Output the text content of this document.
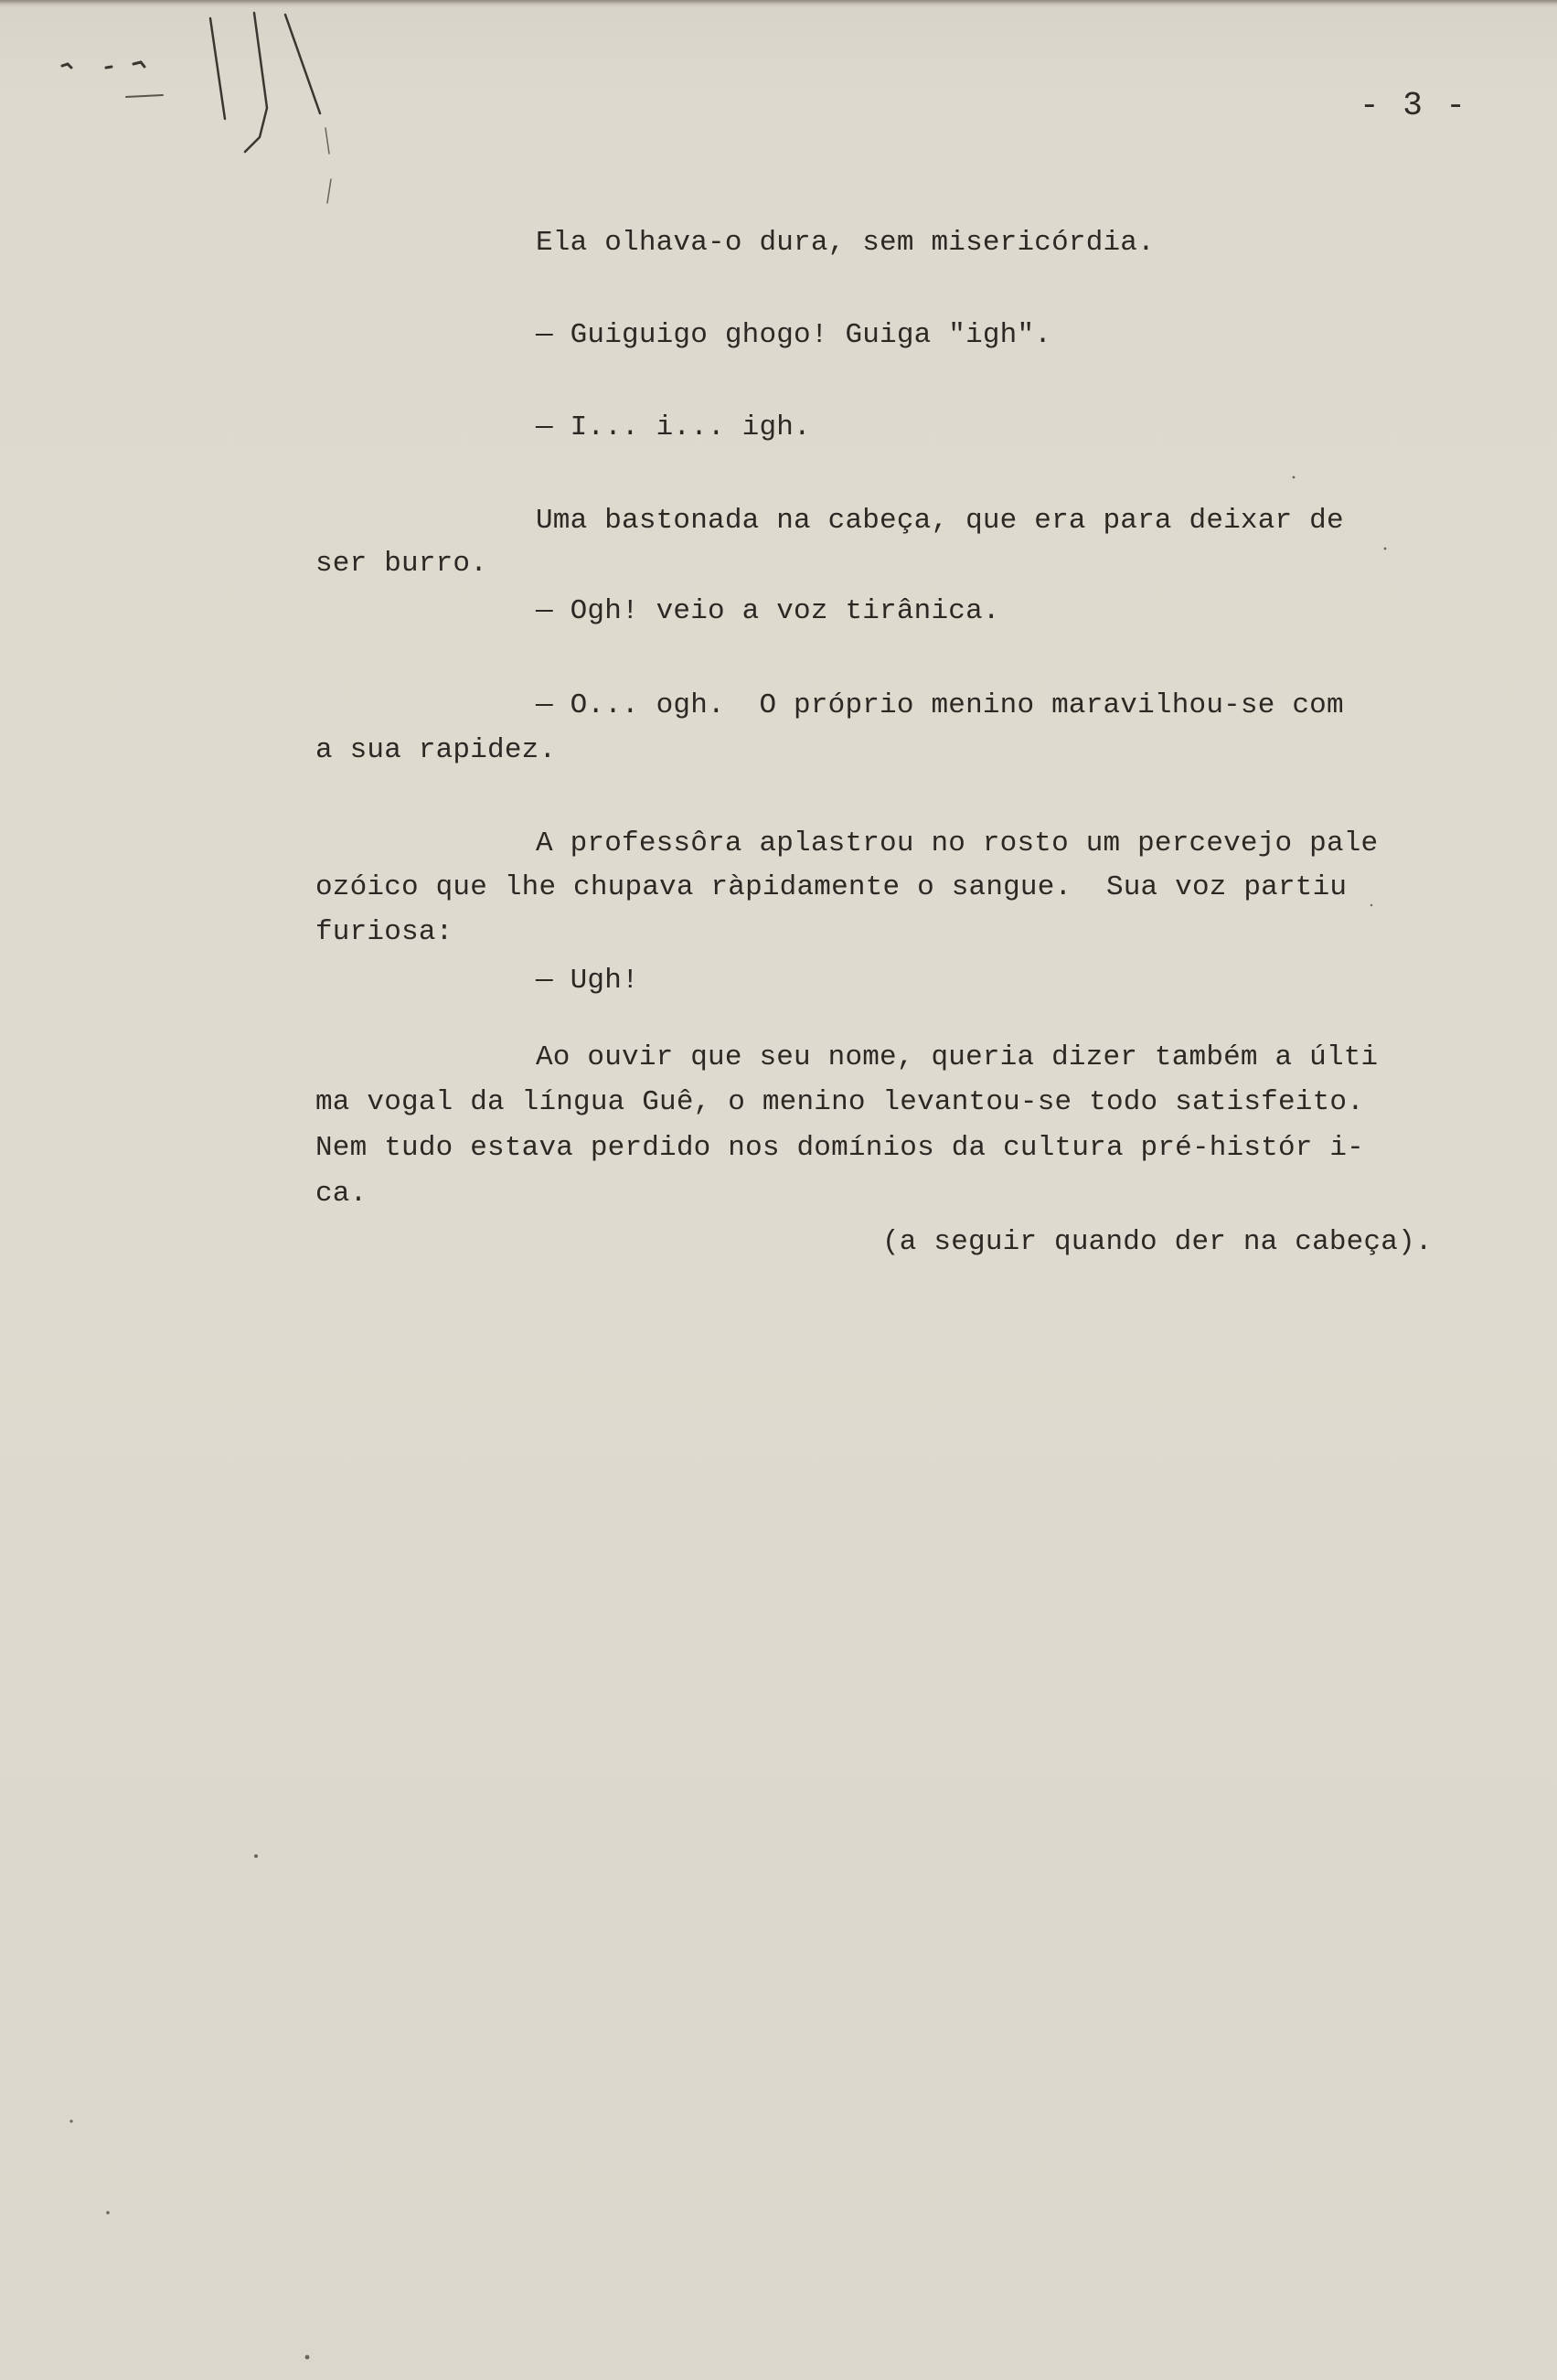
- 3 -
Ela olhava-o dura, sem misericórdia.
— Guiguigo ghogo! Guiga "igh".
— I... i... igh.
Uma bastonada na cabeça, que era para deixar de
ser burro.
— Ogh! veio a voz tirânica.
— O... ogh.  O próprio menino maravilhou-se com
a sua rapidez.
A professôra aplastrou no rosto um percevejo pale
ozóico que lhe chupava ràpidamente o sangue.  Sua voz partiu
furiosa:
— Ugh!
Ao ouvir que seu nome, queria dizer também a últi
ma vogal da língua Guê, o menino levantou-se todo satisfeito.
Nem tudo estava perdido nos domínios da cultura pré-histór i-
ca.
(a seguir quando der na cabeça).
